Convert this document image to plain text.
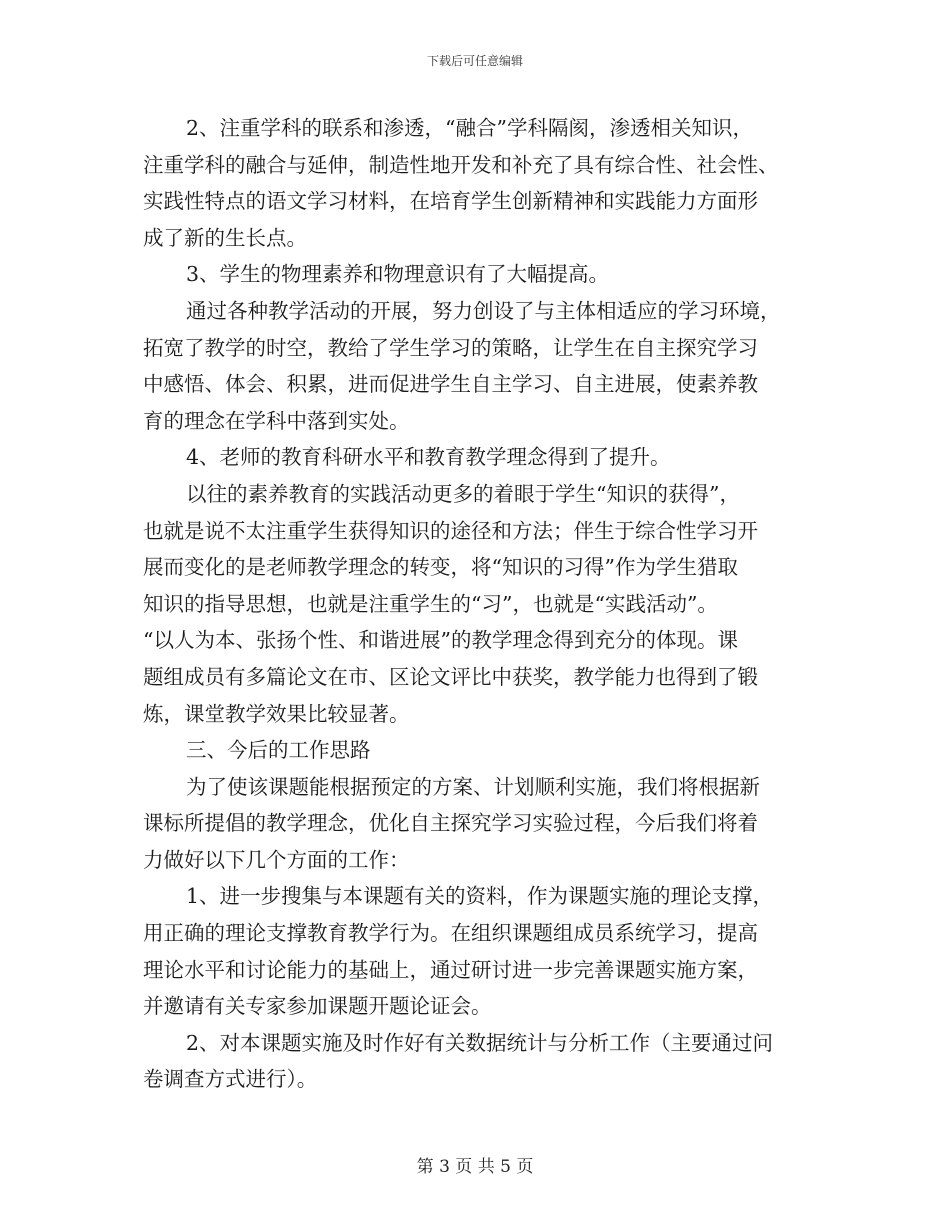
下载后可任意编辑
2、注重学科的联系和渗透，“融合”学科隔阂，渗透相关知识，
注重学科的融合与延伸，制造性地开发和补充了具有综合性、社会性、
实践性特点的语文学习材料，在培育学生创新精神和实践能力方面形
成了新的生长点。
3、学生的物理素养和物理意识有了大幅提高。
通过各种教学活动的开展，努力创设了与主体相适应的学习环境，
拓宽了教学的时空，教给了学生学习的策略，让学生在自主探究学习
中感悟、体会、积累，进而促进学生自主学习、自主进展，使素养教
育的理念在学科中落到实处。
4、老师的教育科研水平和教育教学理念得到了提升。
以往的素养教育的实践活动更多的着眼于学生“知识的获得”，
也就是说不太注重学生获得知识的途径和方法；伴生于综合性学习开
展而变化的是老师教学理念的转变，将“知识的习得”作为学生猎取
知识的指导思想，也就是注重学生的“习”，也就是“实践活动”。
“以人为本、张扬个性、和谐进展”的教学理念得到充分的体现。课
题组成员有多篇论文在市、区论文评比中获奖，教学能力也得到了锻
炼，课堂教学效果比较显著。
三、今后的工作思路
为了使该课题能根据预定的方案、计划顺利实施，我们将根据新
课标所提倡的教学理念，优化自主探究学习实验过程，今后我们将着
力做好以下几个方面的工作：
1、进一步搜集与本课题有关的资料，作为课题实施的理论支撑，
用正确的理论支撑教育教学行为。在组织课题组成员系统学习，提高
理论水平和讨论能力的基础上，通过研讨进一步完善课题实施方案，
并邀请有关专家参加课题开题论证会。
2、对本课题实施及时作好有关数据统计与分析工作（主要通过问
卷调查方式进行）。
第 3 页 共 5 页
